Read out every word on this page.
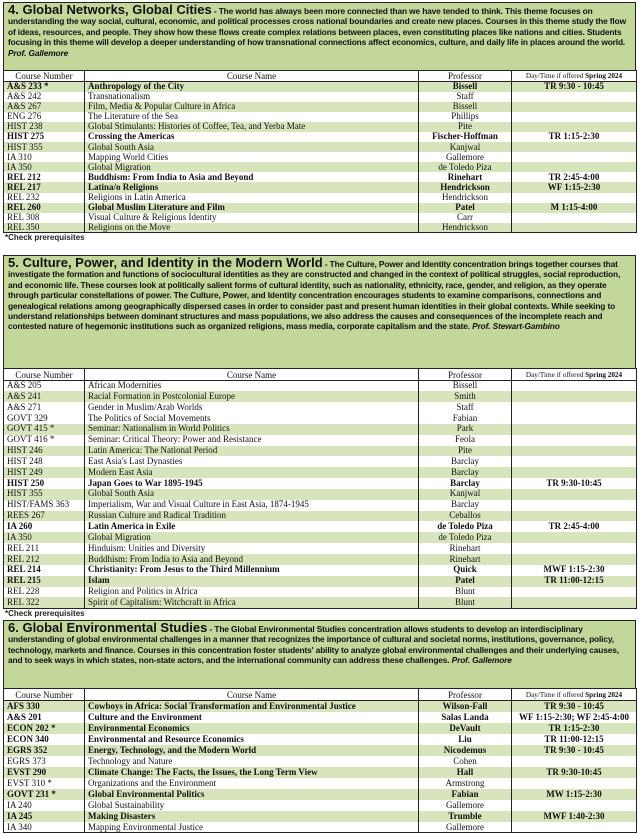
4. Global Networks, Global Cities - The world has always been more connected than we have tended to think. This theme focuses on understanding the way social, cultural, economic, and political processes cross national boundaries and create new places. Courses in this theme study the flow of ideas, resources, and people. They show how these flows create complex relations between places, even constituting places like nations and cities. Students focusing in this theme will develop a deeper understanding of how transnational connections affect economics, culture, and daily life in places around the world. Prof. Gallemore
Course Number	Course Name	Professor	Day/Time if offered Spring 2024
A&S 233 *	Anthropology of the City	Bissell	TR 9:30 - 10:45
A&S 242	Transnationalism	Staff	
A&S 267	Film, Media & Popular Culture in Africa	Bissell	
ENG 276	The Literature of the Sea	Phillips	
HIST 238	Global Stimulants: Histories of Coffee, Tea, and Yerba Mate	Pite	
HIST 275	Crossing the Americas	Fischer-Hoffman	TR 1:15-2:30
HIST 355	Global South Asia	Kanjwal	
IA 310	Mapping World Cities	Gallemore	
IA 350	Global Migration	de Toledo Piza	
REL 212	Buddhism: From India to Asia and Beyond	Rinehart	TR 2:45-4:00
REL 217	Latina/o Religions	Hendrickson	WF 1:15-2:30
REL 232	Religions in Latin America	Hendrickson	
REL 260	Global Muslim Literature and Film	Patel	M 1:15-4:00
REL 308	Visual Culture & Religious Identity	Carr	
REL 350	Religions on the Move	Hendrickson	
*Check prerequisites
5. Culture, Power, and Identity in the Modern World - The Culture, Power and Identity concentration brings together courses that investigate the formation and functions of sociocultural identities as they are constructed and changed in the context of political struggles, social reproduction, and economic life. These courses look at politically salient forms of cultural identity, such as nationality, ethnicity, race, gender, and religion, as they operate through particular constellations of power. The Culture, Power, and Identity concentration encourages students to examine comparisons, connections and genealogical relations among geographically dispersed cases in order to consider past and present human identities in their global contexts. While seeking to understand relationships between dominant structures and mass populations, we also address the causes and consequences of the incomplete reach and contested nature of hegemonic institutions such as organized religions, mass media, corporate capitalism and the state. Prof. Stewart-Gambino
Course Number	Course Name	Professor	Day/Time if offered Spring 2024
A&S 205	African Modernities	Bissell	
A&S 241	Racial Formation in Postcolonial Europe	Smith	
A&S 271	Gender in Muslim/Arab Worlds	Staff	
GOVT 329	The Politics of Social Movements	Fabian	
GOVT 415 *	Seminar: Nationalism in World Politics	Park	
GOVT 416 *	Seminar: Critical Theory: Power and Resistance	Feola	
HIST 246	Latin America: The National Period	Pite	
HIST 248	East Asia's Last Dynasties	Barclay	
HIST 249	Modern East Asia	Barclay	
HIST 250	Japan Goes to War 1895-1945	Barclay	TR 9:30-10:45
HIST 355	Global South Asia	Kanjwal	
HIST/FAMS 363	Imperialism, War and Visual Culture in East Asia, 1874-1945	Barclay	
REES 267	Russian Culture and Radical Tradition	Ceballos	
IA 260	Latin America in Exile	de Toledo Piza	TR 2:45-4:00
IA 350	Global Migration	de Toledo Piza	
REL 211	Hinduism: Unities and Diversity	Rinehart	
REL 212	Buddhism: From India to Asia and Beyond	Rinehart	
REL 214	Christianity: From Jesus to the Third Millennium	Quick	MWF 1:15-2:30
REL 215	Islam	Patel	TR 11:00-12:15
REL 228	Religion and Politics in Africa	Blunt	
REL 322	Spirit of Capitalism: Witchcraft in Africa	Blunt	
*Check prerequisites
6. Global Environmental Studies - The Global Environmental Studies concentration allows students to develop an interdisciplinary understanding of global environmental challenges in a manner that recognizes the importance of cultural and societal norms, institutions, governance, policy, technology, markets and finance. Courses in this concentration foster students' ability to analyze global environmental challenges and their underlying causes, and to seek ways in which states, non-state actors, and the international community can address these challenges. Prof. Gallemore
Course Number	Course Name	Professor	Day/Time if offered Spring 2024
AFS 330	Cowboys in Africa: Social Transformation and Environmental Justice	Wilson-Fall	TR 9:30 - 10:45
A&S 201	Culture and the Environment	Salas Landa	WF 1:15-2:30; WF 2:45-4:00
ECON 202 *	Environmental Economics	DeVault	TR 1:15-2:30
ECON 340	Environmental and Resource Economics	Liu	TR 11:00-12:15
EGRS 352	Energy, Technology, and the Modern World	Nicodemus	TR 9:30 - 10:45
EGRS 373	Technology and Nature	Cohen	
EVST 290	Climate Change: The Facts, the Issues, the Long Term View	Hall	TR 9:30-10:45
EVST 310 *	Organizations and the Environment	Armstrong	
GOVT 231 *	Global Environmental Politics	Fabian	MW 1:15-2:30
IA 240	Global Sustainability	Gallemore	
IA 245	Making Disasters	Trumble	MWF 1:40-2:30
IA 340	Mapping Environmental Justice	Gallemore	
